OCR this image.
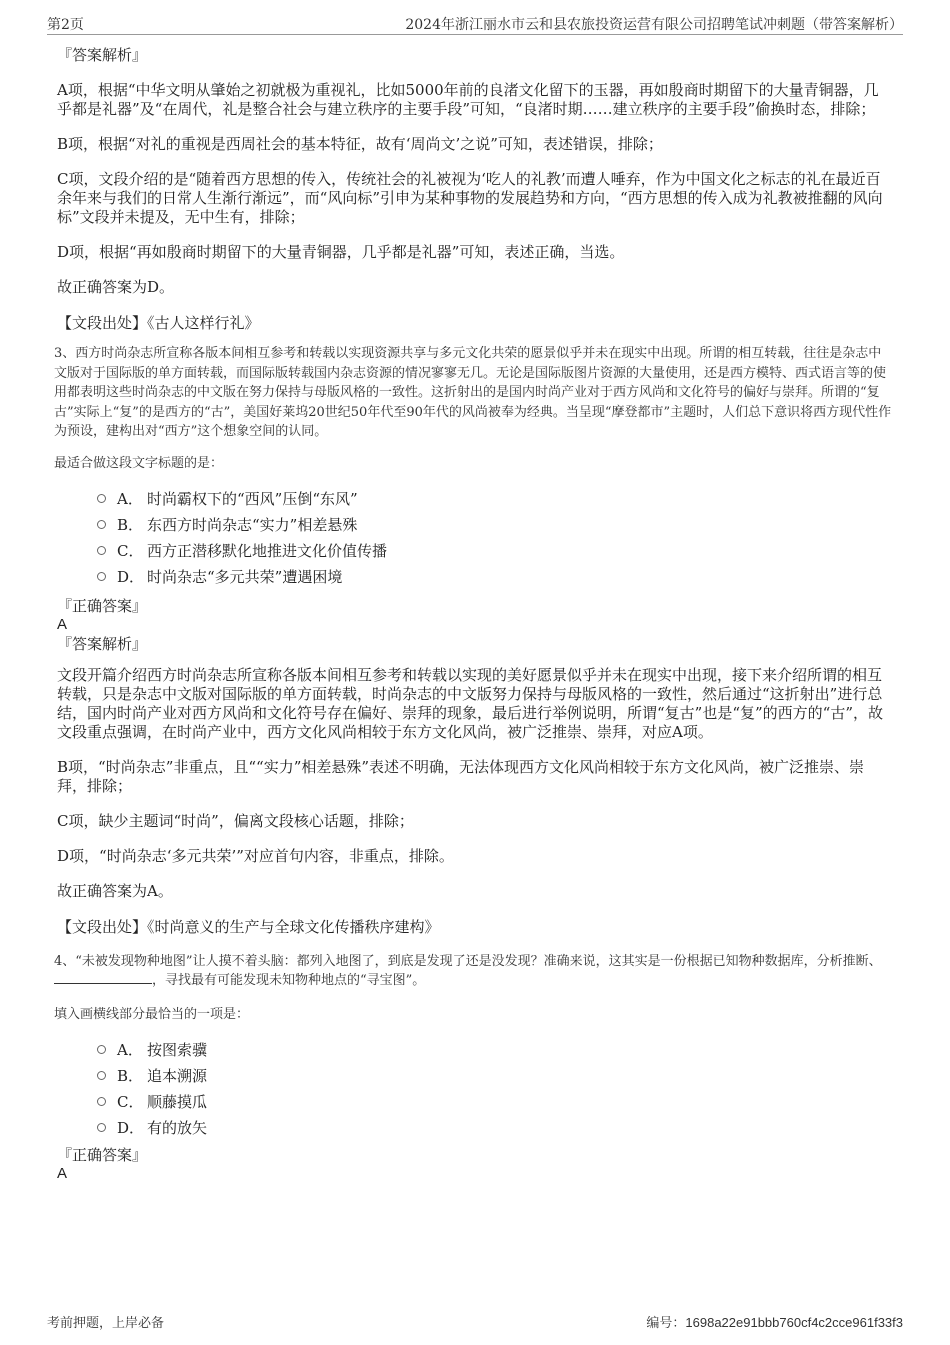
第2页	2024年浙江丽水市云和县农旅投资运营有限公司招聘笔试冲刺题（带答案解析）

『答案解析』

A项，根据“中华文明从肇始之初就极为重视礼，比如5000年前的良渚文化留下的玉器，再如殷商时期留下的大量青铜器，几乎都是礼器”及“在周代，礼是整合社会与建立秩序的主要手段”可知，“良渚时期……建立秩序的主要手段”偷换时态，排除；

B项，根据“对礼的重视是西周社会的基本特征，故有‘周尚文’之说”可知，表述错误，排除；

C项，文段介绍的是“随着西方思想的传入，传统社会的礼被视为‘吃人的礼教’而遭人唾弃，作为中国文化之标志的礼在最近百余年来与我们的日常人生渐行渐远”，而“风向标”引申为某种事物的发展趋势和方向，“西方思想的传入成为礼教被推翻的风向标”文段并未提及，无中生有，排除；

D项，根据“再如殷商时期留下的大量青铜器，几乎都是礼器”可知，表述正确，当选。

故正确答案为D。

【文段出处】《古人这样行礼》

3、西方时尚杂志所宣称各版本间相互参考和转载以实现资源共享与多元文化共荣的愿景似乎并未在现实中出现。所谓的相互转载，往往是杂志中文版对于国际版的单方面转载，而国际版转载国内杂志资源的情况寥寥无几。无论是国际版图片资源的大量使用，还是西方模特、西式语言等的使用都表明这些时尚杂志的中文版在努力保持与母版风格的一致性。这折射出的是国内时尚产业对于西方风尚和文化符号的偏好与崇拜。所谓的“复古”实际上“复”的是西方的“古”，美国好莱坞20世纪50年代至90年代的风尚被奉为经典。当呈现“摩登都市”主题时，人们总下意识将西方现代性作为预设，建构出对“西方”这个想象空间的认同。

最适合做这段文字标题的是：

A． 时尚霸权下的“西风”压倒“东风”
B． 东西方时尚杂志“实力”相差悬殊
C． 西方正潜移默化地推进文化价值传播
D． 时尚杂志“多元共荣”遭遇困境

『正确答案』

A

『答案解析』

文段开篇介绍西方时尚杂志所宣称各版本间相互参考和转载以实现的美好愿景似乎并未在现实中出现，接下来介绍所谓的相互转载，只是杂志中文版对国际版的单方面转载，时尚杂志的中文版努力保持与母版风格的一致性，然后通过“这折射出”进行总结，国内时尚产业对西方风尚和文化符号存在偏好、崇拜的现象，最后进行举例说明，所谓“复古”也是“复”的西方的“古”，故文段重点强调，在时尚产业中，西方文化风尚相较于东方文化风尚，被广泛推崇、崇拜，对应A项。

B项，“时尚杂志”非重点，且““实力”相差悬殊”表述不明确，无法体现西方文化风尚相较于东方文化风尚，被广泛推崇、崇拜，排除；

C项，缺少主题词“时尚”，偏离文段核心话题，排除；

D项，“时尚杂志‘多元共荣’”对应首句内容，非重点，排除。

故正确答案为A。

【文段出处】《时尚意义的生产与全球文化传播秩序建构》

4、“未被发现物种地图”让人摸不着头脑：都列入地图了，到底是发现了还是没发现？准确来说，这其实是一份根据已知物种数据库，分析推断、，寻找最有可能发现未知物种地点的“寻宝图”。

填入画横线部分最恰当的一项是：

A． 按图索骥
B． 追本溯源
C． 顺藤摸瓜
D． 有的放矢

『正确答案』

A

考前押题，上岸必备	编号：1698a22e91bbb760cf4c2cce961f33f3
